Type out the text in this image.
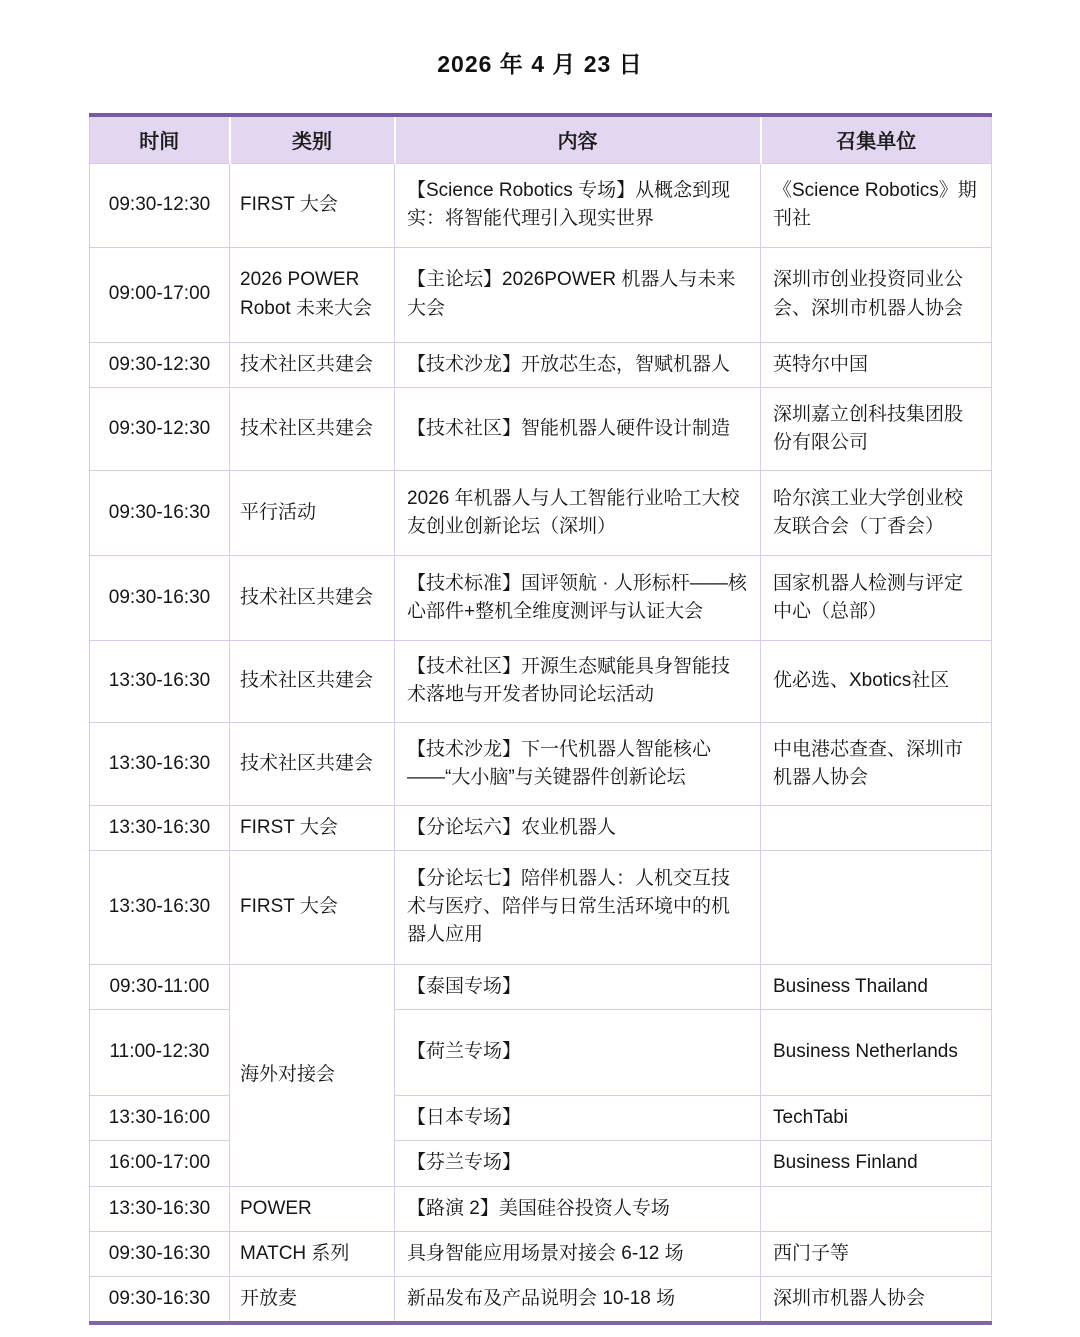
2026 年 4 月 23 日
时间	类别	内容	召集单位
09:30-12:30	FIRST 大会	【Science Robotics 专场】从概念到现实：将智能代理引入现实世界	《Science Robotics》期刊社
09:00-17:00	2026 POWER Robot 未来大会	【主论坛】2026POWER 机器人与未来大会	深圳市创业投资同业公会、深圳市机器人协会
09:30-12:30	技术社区共建会	【技术沙龙】开放芯生态，智赋机器人	英特尔中国
09:30-12:30	技术社区共建会	【技术社区】智能机器人硬件设计制造	深圳嘉立创科技集团股份有限公司
09:30-16:30	平行活动	2026 年机器人与人工智能行业哈工大校友创业创新论坛（深圳）	哈尔滨工业大学创业校友联合会（丁香会）
09:30-16:30	技术社区共建会	【技术标准】国评领航 · 人形标杆——核心部件+整机全维度测评与认证大会	国家机器人检测与评定中心（总部）
13:30-16:30	技术社区共建会	【技术社区】开源生态赋能具身智能技术落地与开发者协同论坛活动	优必选、Xbotics社区
13:30-16:30	技术社区共建会	【技术沙龙】下一代机器人智能核心——“大小脑”与关键器件创新论坛	中电港芯查查、深圳市机器人协会
13:30-16:30	FIRST 大会	【分论坛六】农业机器人	
13:30-16:30	FIRST 大会	【分论坛七】陪伴机器人：人机交互技术与医疗、陪伴与日常生活环境中的机器人应用	
09:30-11:00	海外对接会	【泰国专场】	Business Thailand
11:00-12:30		【荷兰专场】	Business Netherlands
13:30-16:00		【日本专场】	TechTabi
16:00-17:00		【芬兰专场】	Business Finland
13:30-16:30	POWER	【路演 2】美国硅谷投资人专场	
09:30-16:30	MATCH 系列	具身智能应用场景对接会 6-12 场	西门子等
09:30-16:30	开放麦	新品发布及产品说明会 10-18 场	深圳市机器人协会
